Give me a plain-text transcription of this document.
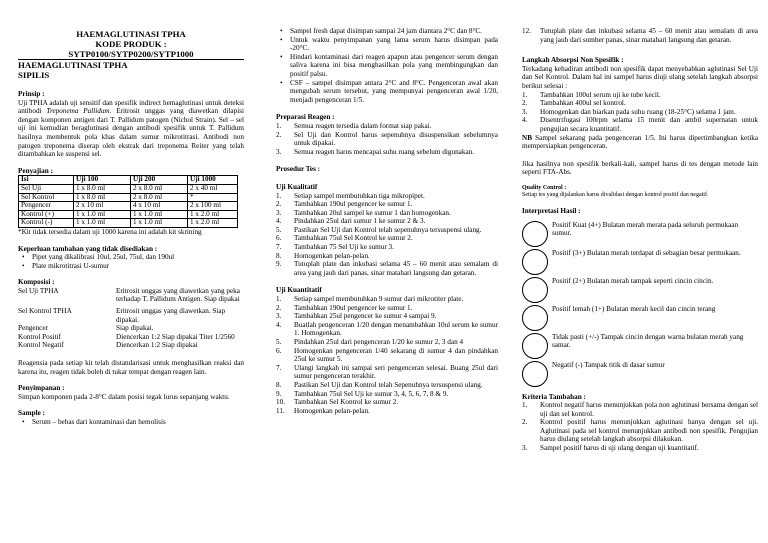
HAEMAGLUTINASI TPHA
KODE PRODUK :
SYTP0100/SYTP0200/SYTP1000
HAEMAGLUTINASI TPHA
SIPILIS
Prinsip :

Uji TPHA adalah uji sensitif dan spesifik indirect hemaglutinasi untuk deteksi antibodi Treponema Pallidum. Eritrosit unggas yang diawetkan dilapisi dengan komponen antigen dari T. Pallidum patogen (Nichol Strain). Sel – sel uji ini kemudian beraglutinasi dengan antibodi spesifik untuk T. Pallidum hasilnya membentuk pola khas dalam sumur mikrotitrasi. Antibodi non patogen treponema diserap oleh ekstrak dari treponema Reiter yang telah ditambahkan ke suspensi sel.

Penyajian :
Isi	Uji 100	Uji 200	Uji 1000
Sel Uji	1 x 8.0 ml	2 x 8.0 ml	2 x 40 ml
Sel Kontrol	1 x 8.0 ml	2 x 8.0 ml	*
Pengencer	2 x 10 ml	4 x 10 ml	2 x 100 ml
Kontrol (+)	1 x 1.0 ml	1 x 1.0 ml	1 x 2.0 ml
Kontrol (-)	1 x 1.0 ml	1 x 1.0 ml	1 x 2.0 ml
*Kit tidak tersedia dalam uji 1000 karena ini adalah kit skrining
Keperluan tambahan yang tidak disediakan :
•	Pipet yang dikalibrasi 10ul, 25ul, 75ul, dan 190ul
•	Plate mikrotitrasi U-sumur
Komposisi :
Sel Uji TPHA	Eritrosit unggas yang diawetkan yang peka terhadap T. Pallidum Antigen. Siap dipakai
Sel Kontrol TPHA	Eritrosit unggas yang diawetkan. Siap dipakai.
Pengencer	Siap dipakai.
Kontrol Positif	Diencerkan 1:2 Siap dipakai Titer 1/2560
Kontrol Negatif	Diencerkan 1:2 Siap dipakai

Reagensia pada setiap kit telah distandarisasi untuk menghasilkan reaksi dan karena itu, reagen tidak boleh di tukar tempat dengan reagen lain.

Penyimpanan :

Simpan komponen pada 2-8°C dalam posisi tegak lurus sepanjang waktu.

Sample :
•	Serum – bebas dari kontaminasi dan hemolisis
•	Sampel fresh dapat disimpan sampai 24 jam diantara 2°C dan 8°C.
•	Untuk waktu penyimpanan yang lama serum harus disimpan pada -20°C.
•	Hindari kontaminasi dari reagen apapun atau pengencer serum dengan saliva karena ini bisa menghasilkan pola yang membingungkan dan positif palsu.
•	CSF – sampel disimpan antara 2°C and 8°C. Pengenceran awal akan mengubah serum tersebut, yang mempunyai pengenceran awal 1/20, menjadi pengenceran 1/5.
Preparasi Reagen :
1.	Semua reagen tersedia dalam format siap pakai.
2.	Sel Uji dan Kontrol harus sepenuhnya disuspensikan sebelumnya untuk dipakai.
3.	Semua reagen harus mencapai suhu ruang sebelum digunakan.
Prosedur Tes :
Uji Kualitatif
1.	Setiap sampel membutuhkan tiga mikropipet.
2.	Tambahkan 190ul pengencer ke sumur 1.
3.	Tambahkan 20ul sampel ke sumur 1 dan homogenkan.
4.	Pindahkan 25ul dari sumur 1 ke sumur 2 & 3.
5.	Pastikan Sel Uji dan Kontrol telah sepenuhnya tersuspensi ulang.
6.	Tambahkan 75ul Sel Kontrol ke sumur 2.
7.	Tambahkan 75 Sel Uji ke sumur 3.
8.	Homogenkan pelan-pelan.
9.	Tutuplah plate dan inkubasi selama 45 – 60 menit atau semalam di area yang jauh dari panas, sinar matahari langsung dan getaran.
Uji Kuantitatif
1.	Setiap sampel membutuhkan 9 sumur dari mikrotiter plate.
2.	Tambahkan 190ul pengencer ke sumur 1.
3.	Tambahkan 25ul pengencer ke sumur 4 sampai 9.
4.	Buatlah pengenceran 1/20 dengan menambahkan 10ul serum ke sumur 1. Homogenkan.
5.	Pindahkan 25ul dari pengenceran 1/20 ke sumur 2, 3 dan 4
6.	Homogenkan pengenceran 1/40 sekarang di sumur 4 dan pindahkan 25ul ke sumur 5.
7.	Ulangi langkah ini sampai seri pengenceran selesai. Buang 25ul dari sumur pengenceran terakhir.
8.	Pastikan Sel Uji dan Kontrol telah Sepenuhnya tersuspensi ulang.
9.	Tambahkan 75ul Sel Uji ke sumur 3, 4, 5, 6, 7, 8 & 9.
10.	Tambahkan Sel Kontrol ke sumur 2.
11.	Homogenkan pelan-pelan.
12.	Tutuplah plate dan inkubasi selama 45 – 60 menit atau semalam di area yang jauh dari sumber panas, sinar matahari langsung dan getaran.
Langkah Absorpsi Non Spesifik :

Terkadang kehadiran antibodi non spesifik dapat menyebabkan aglutinasi Sel Uji dan Sel Kontrol. Dalam hal ini sampel harus diuji ulang setelah langkah absorpsi berikut selesai :

1.	Tambahkan 100ul serum uji ke tube kecil.
2.	Tambahkan 400ul sel kontrol.
3.	Homogenkan dan biarkan pada suhu ruang (18-25°C) selama 1 jam.
4.	Disentrifugasi 100rpm selama 15 menit dan ambil supernatan untuk pengujian secara kuantitatif.

NB Sampel sekarang pada pengenceran 1/5. Ini harus dipertimbangkan ketika mempersiapkan pengenceran.

Jika hasilnya non spesifik berkali-kali, sampel harus di tes dengan metode lain seperti FTA-Abs.

Quality Control :

Setiap tes yang dijalankan harus divalidasi dengan kontrol positif dan negatif.

Interpretasi Hasil :
Positif Kuat (4+) Bulatan merah merata pada seluruh permukaan sumur.
Positif (3+) Bulatan merah terdapat di sebagian besar permukaan.
Positif (2+) Bulatan merah tampak seperti cincin cincin.
Positif lemah (1+) Bulatan merah kecil dan cincin terang
Tidak pasti (+/-) Tampak cincin dengan warna bulatan merah yang samar.
Negatif (-) Tampak titik di dasar sumur
Kriteria Tambahan :
1.	Kontrol negatif harus menunjukkan pola non aglutinasi bersama dengan sel uji dan sel kontrol.
2.	Kontrol positif harus menunjukkan aglutinasi hanya dengan sel uji. Aglutinasi pada sel kontrol menunjukkan antibodi non spesifik. Pengujian harus diulang setelah langkah absorpsi dilakukan.
3.	Sampel positif harus di uji ulang dengan uji kuantitatif.
